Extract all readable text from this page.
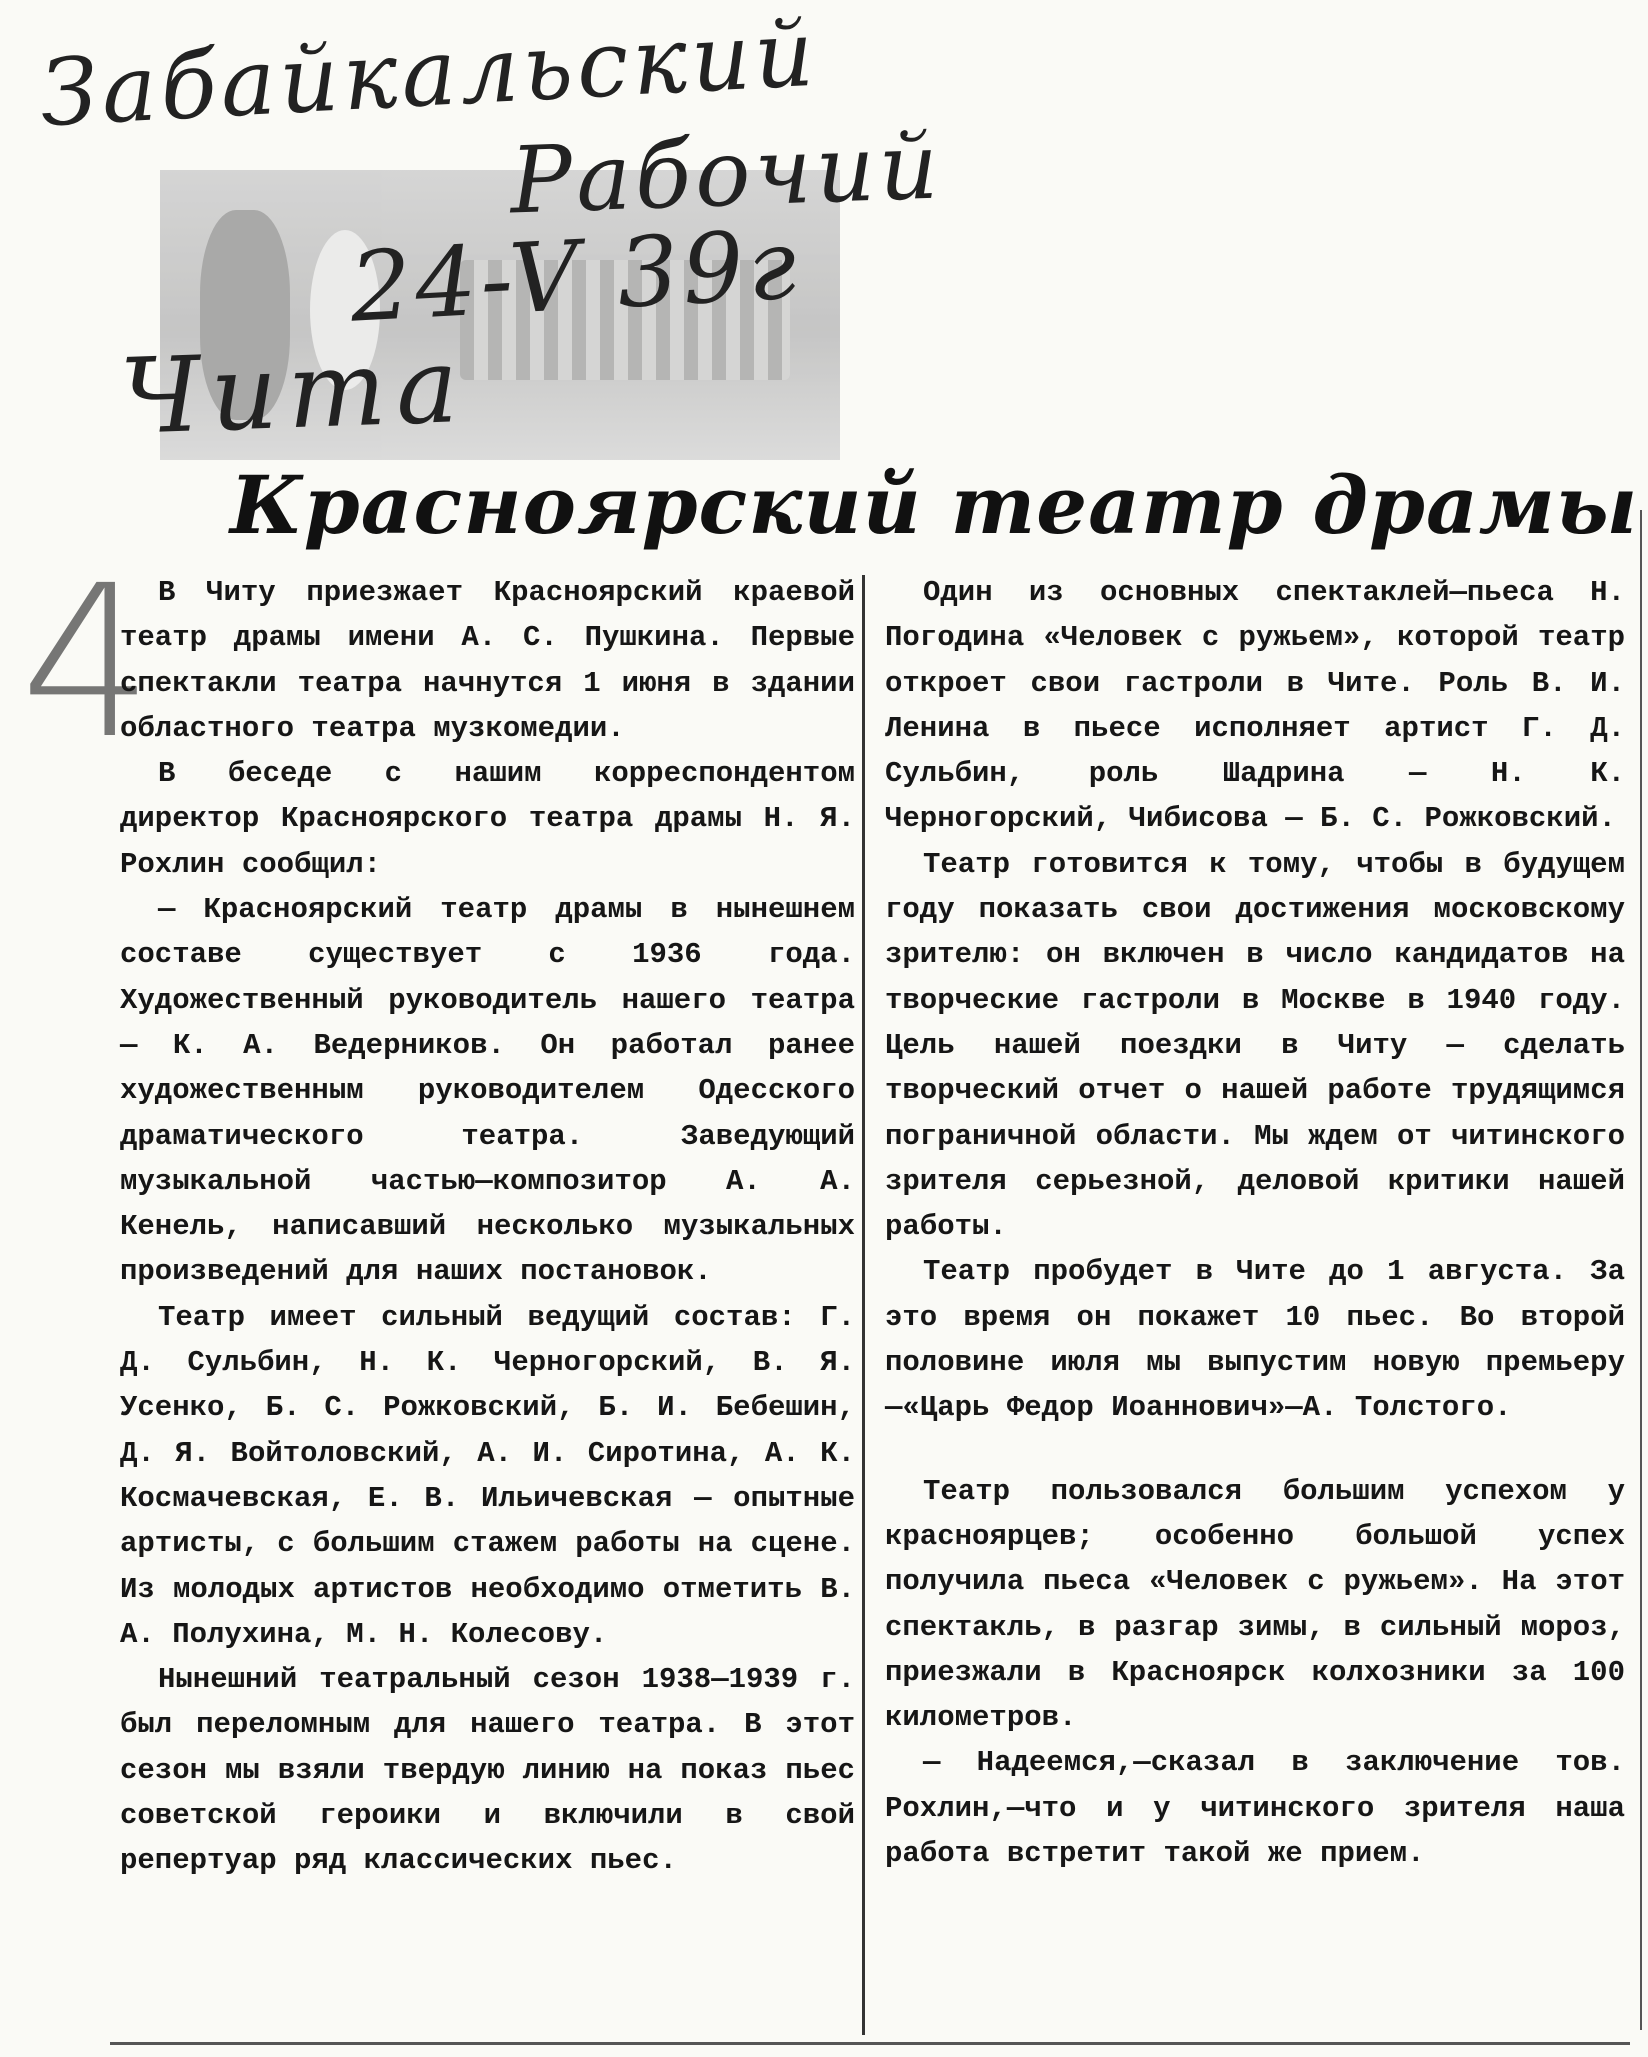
Забайкальский
Рабочий
24-V 39г
Чита
4
Красноярский театр драмы

В Читу приезжает Красноярский краевой театр драмы имени А. С. Пушкина. Первые спектакли театра начнутся 1 июня в здании областного театра музкомедии.

В беседе с нашим корреспондентом директор Красноярского театра драмы Н. Я. Рохлин сообщил:

— Красноярский театр драмы в нынешнем составе существует с 1936 года. Художественный руководитель нашего театра — К. А. Ведерников. Он работал ранее художественным руководителем Одесского драматического театра. Заведующий музыкальной частью—композитор А. А. Кенель, написавший несколько музыкальных произведений для наших постановок.

Театр имеет сильный ведущий состав: Г. Д. Сульбин, Н. К. Черногорский, В. Я. Усенко, Б. С. Рожковский, Б. И. Бебешин, Д. Я. Войтоловский, А. И. Сиротина, А. К. Космачевская, Е. В. Ильичевская — опытные артисты, с большим стажем работы на сцене. Из молодых артистов необходимо отметить В. А. Полухина, М. Н. Колесову.

Нынешний театральный сезон 1938—1939 г. был переломным для нашего театра. В этот сезон мы взяли твердую линию на показ пьес советской героики и включили в свой репертуар ряд классических пьес.

Один из основных спектаклей—пьеса Н. Погодина «Человек с ружьем», которой театр откроет свои гастроли в Чите. Роль В. И. Ленина в пьесе исполняет артист Г. Д. Сульбин, роль Шадрина — Н. К. Черногорский, Чибисова — Б. С. Рожковский.

Театр готовится к тому, чтобы в будущем году показать свои достижения московскому зрителю: он включен в число кандидатов на творческие гастроли в Москве в 1940 году. Цель нашей поездки в Читу — сделать творческий отчет о нашей работе трудящимся пограничной области. Мы ждем от читинского зрителя серьезной, деловой критики нашей работы.

Театр пробудет в Чите до 1 августа. За это время он покажет 10 пьес. Во второй половине июля мы выпустим новую премьеру—«Царь Федор Иоаннович»—А. Толстого.

Театр пользовался большим успехом у красноярцев; особенно большой успех получила пьеса «Человек с ружьем». На этот спектакль, в разгар зимы, в сильный мороз, приезжали в Красноярск колхозники за 100 километров.

— Надеемся,—сказал в заключение тов. Рохлин,—что и у читинского зрителя наша работа встретит такой же прием.
